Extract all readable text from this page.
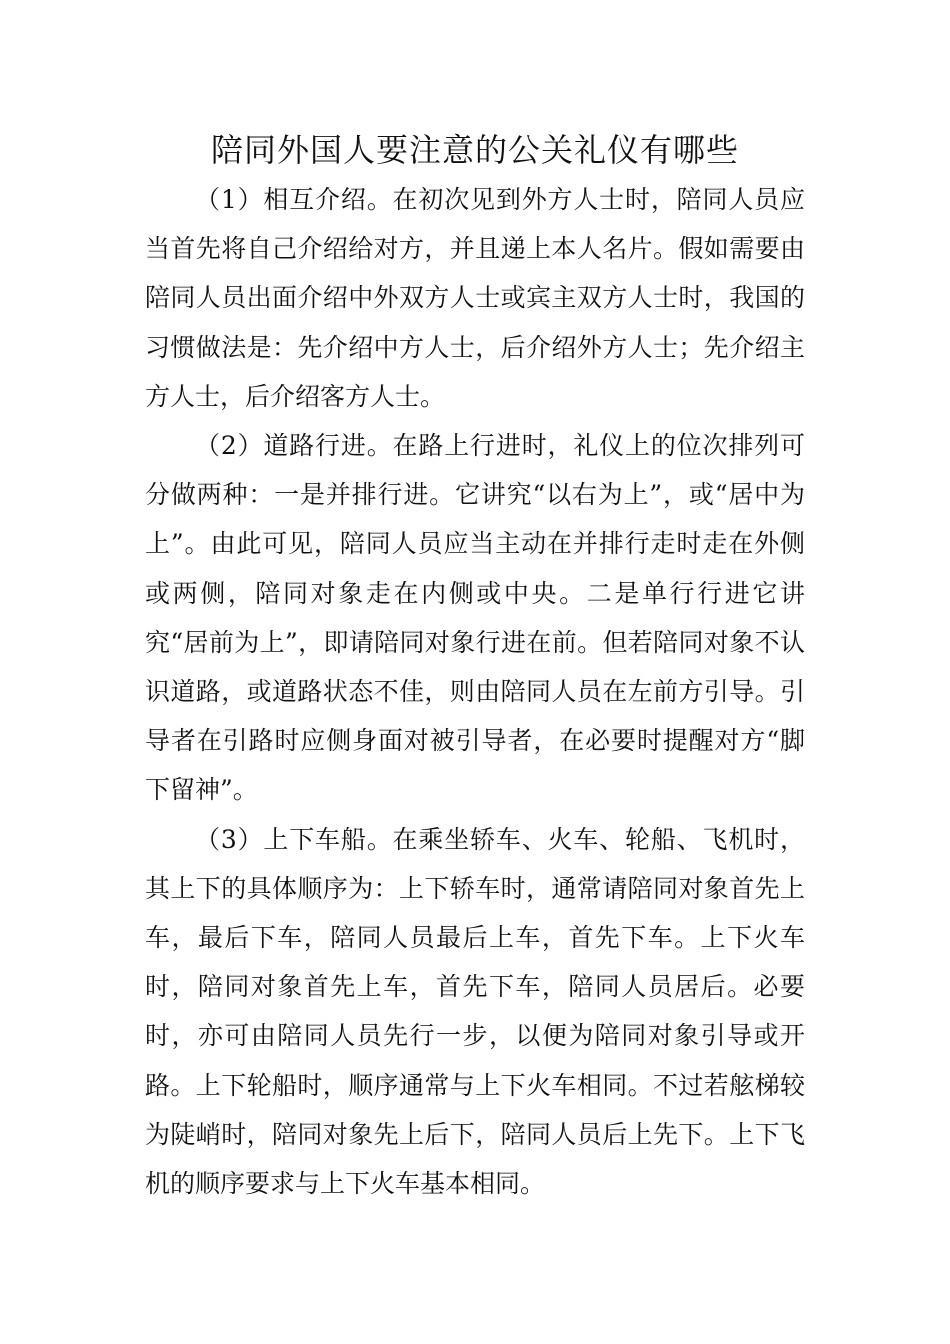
陪同外国人要注意的公关礼仪有哪些

（1）相互介绍。在初次见到外方人士时，陪同人员应当首先将自己介绍给对方，并且递上本人名片。假如需要由陪同人员出面介绍中外双方人士或宾主双方人士时，我国的习惯做法是：先介绍中方人士，后介绍外方人士；先介绍主方人士，后介绍客方人士。

（2）道路行进。在路上行进时，礼仪上的位次排列可分做两种：一是并排行进。它讲究“以右为上”，或“居中为上”。由此可见，陪同人员应当主动在并排行走时走在外侧或两侧，陪同对象走在内侧或中央。二是单行行进它讲究“居前为上”，即请陪同对象行进在前。但若陪同对象不认识道路，或道路状态不佳，则由陪同人员在左前方引导。引导者在引路时应侧身面对被引导者，在必要时提醒对方“脚下留神”。

（3）上下车船。在乘坐轿车、火车、轮船、飞机时，其上下的具体顺序为：上下轿车时，通常请陪同对象首先上车，最后下车，陪同人员最后上车，首先下车。上下火车时，陪同对象首先上车，首先下车，陪同人员居后。必要时，亦可由陪同人员先行一步，以便为陪同对象引导或开路。上下轮船时，顺序通常与上下火车相同。不过若舷梯较为陡峭时，陪同对象先上后下，陪同人员后上先下。上下飞机的顺序要求与上下火车基本相同。
